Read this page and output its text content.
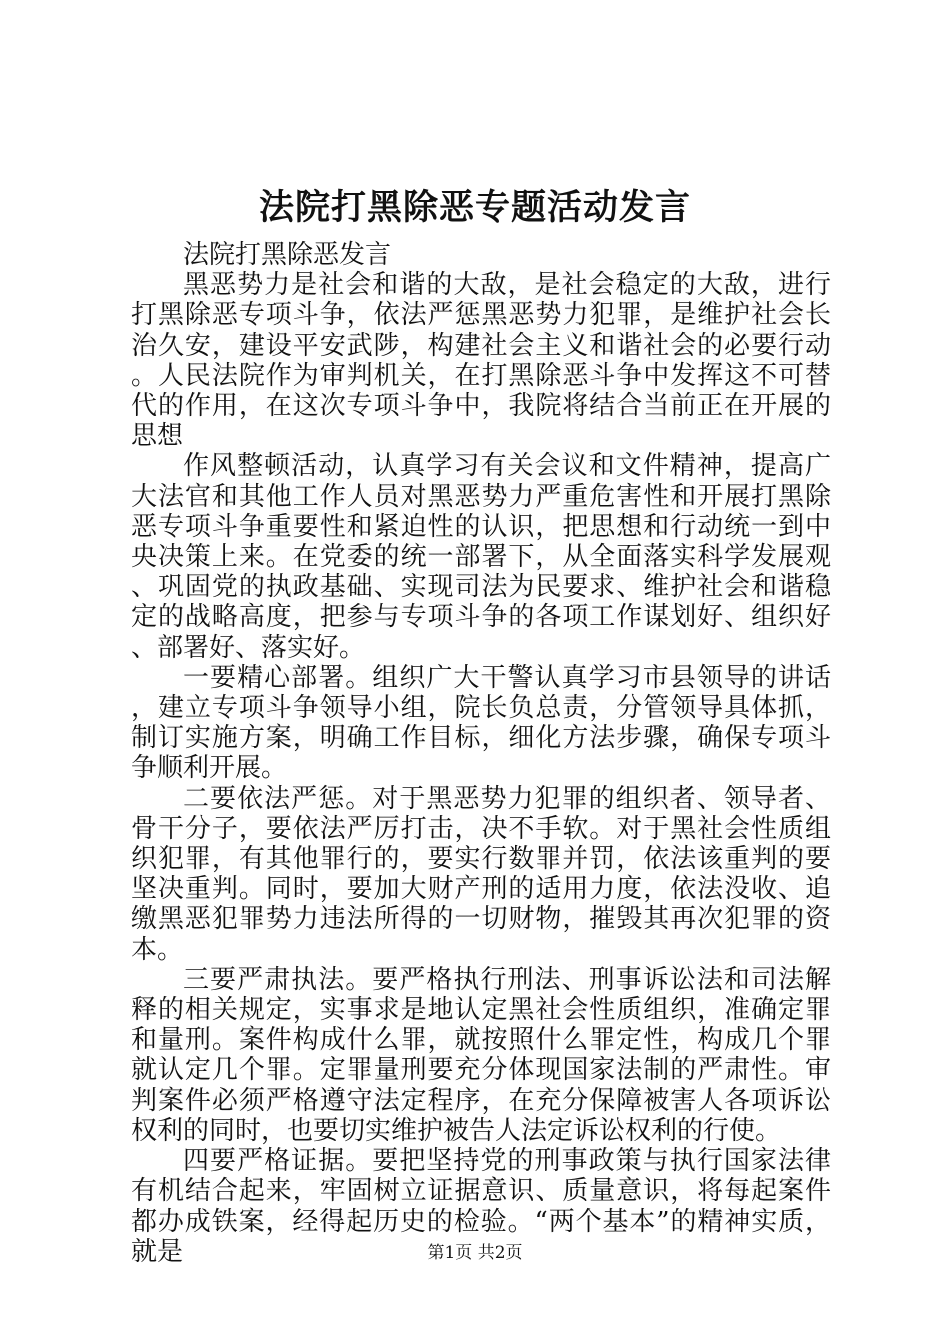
法院打黑除恶专题活动发言

法院打黑除恶发言

黑恶势力是社会和谐的大敌，是社会稳定的大敌，进行打黑除恶专项斗争，依法严惩黑恶势力犯罪，是维护社会长治久安，建设平安武陟，构建社会主义和谐社会的必要行动。人民法院作为审判机关，在打黑除恶斗争中发挥这不可替代的作用，在这次专项斗争中，我院将结合当前正在开展的思想

作风整顿活动，认真学习有关会议和文件精神，提高广大法官和其他工作人员对黑恶势力严重危害性和开展打黑除恶专项斗争重要性和紧迫性的认识，把思想和行动统一到中央决策上来。在党委的统一部署下，从全面落实科学发展观、巩固党的执政基础、实现司法为民要求、维护社会和谐稳定的战略高度，把参与专项斗争的各项工作谋划好、组织好、部署好、落实好。

一要精心部署。组织广大干警认真学习市县领导的讲话，建立专项斗争领导小组，院长负总责，分管领导具体抓，制订实施方案，明确工作目标，细化方法步骤，确保专项斗争顺利开展。

二要依法严惩。对于黑恶势力犯罪的组织者、领导者、骨干分子，要依法严厉打击，决不手软。对于黑社会性质组织犯罪，有其他罪行的，要实行数罪并罚，依法该重判的要坚决重判。同时，要加大财产刑的适用力度，依法没收、追缴黑恶犯罪势力违法所得的一切财物，摧毁其再次犯罪的资本。

三要严肃执法。要严格执行刑法、刑事诉讼法和司法解释的相关规定，实事求是地认定黑社会性质组织，准确定罪和量刑。案件构成什么罪，就按照什么罪定性，构成几个罪就认定几个罪。定罪量刑要充分体现国家法制的严肃性。审判案件必须严格遵守法定程序，在充分保障被害人各项诉讼权利的同时，也要切实维护被告人法定诉讼权利的行使。

四要严格证据。要把坚持党的刑事政策与执行国家法律有机结合起来，牢固树立证据意识、质量意识，将每起案件都办成铁案，经得起历史的检验。“两个基本”的精神实质，就是	第1页 共2页
